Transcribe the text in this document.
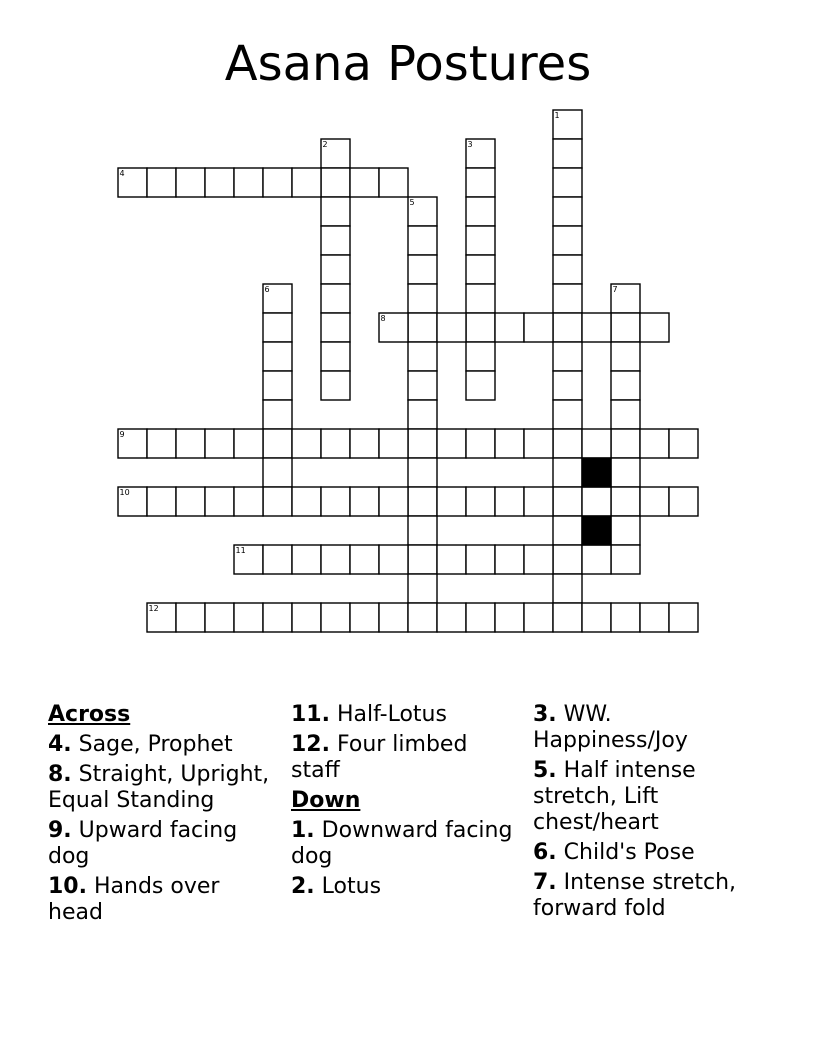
Asana Postures
1
2	3
4
5
6	7
8
9
10
11
12
Across
4. Sage, Prophet
8. Straight, Upright, Equal Standing
9. Upward facing dog
10. Hands over head
11. Half-Lotus
12. Four limbed staff
Down
1. Downward facing dog
2. Lotus
3. WW. Happiness/Joy
5. Half intense stretch, Lift chest/heart
6. Child's Pose
7. Intense stretch, forward fold
